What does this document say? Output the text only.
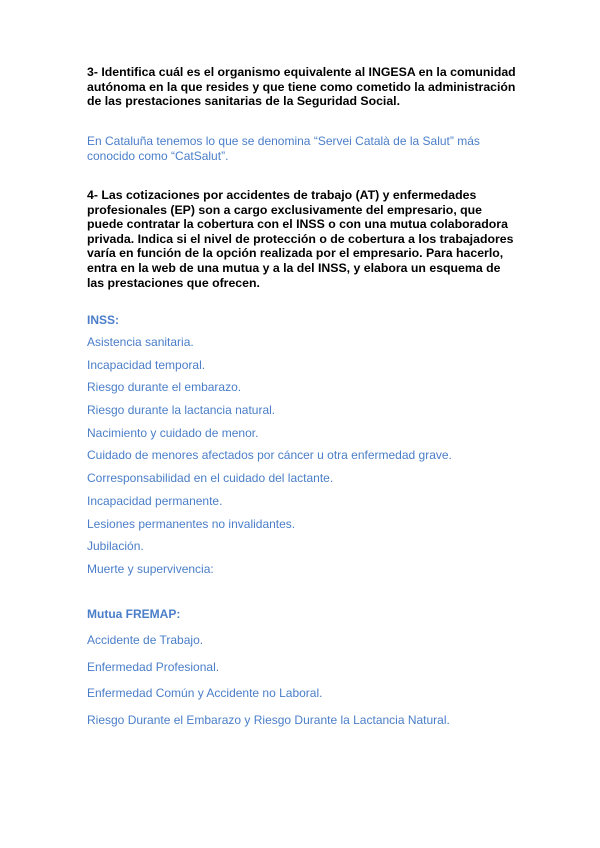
3- Identifica cuál es el organismo equivalente al INGESA en la comunidad autónoma en la que resides y que tiene como cometido la administración de las prestaciones sanitarias de la Seguridad Social.

En Cataluña tenemos lo que se denomina “Servei Català de la Salut” más conocido como “CatSalut”.

4- Las cotizaciones por accidentes de trabajo (AT) y enfermedades profesionales (EP) son a cargo exclusivamente del empresario, que puede contratar la cobertura con el INSS o con una mutua colaboradora privada. Indica si el nivel de protección o de cobertura a los trabajadores varía en función de la opción realizada por el empresario. Para hacerlo, entra en la web de una mutua y a la del INSS, y elabora un esquema de las prestaciones que ofrecen.

INSS:

Asistencia sanitaria.
Incapacidad temporal.
Riesgo durante el embarazo.
Riesgo durante la lactancia natural.
Nacimiento y cuidado de menor.
Cuidado de menores afectados por cáncer u otra enfermedad grave.
Corresponsabilidad en el cuidado del lactante.
Incapacidad permanente.
Lesiones permanentes no invalidantes.
Jubilación.
Muerte y supervivencia:

Mutua FREMAP:

Accidente de Trabajo.
Enfermedad Profesional.
Enfermedad Común y Accidente no Laboral.
Riesgo Durante el Embarazo y Riesgo Durante la Lactancia Natural.
